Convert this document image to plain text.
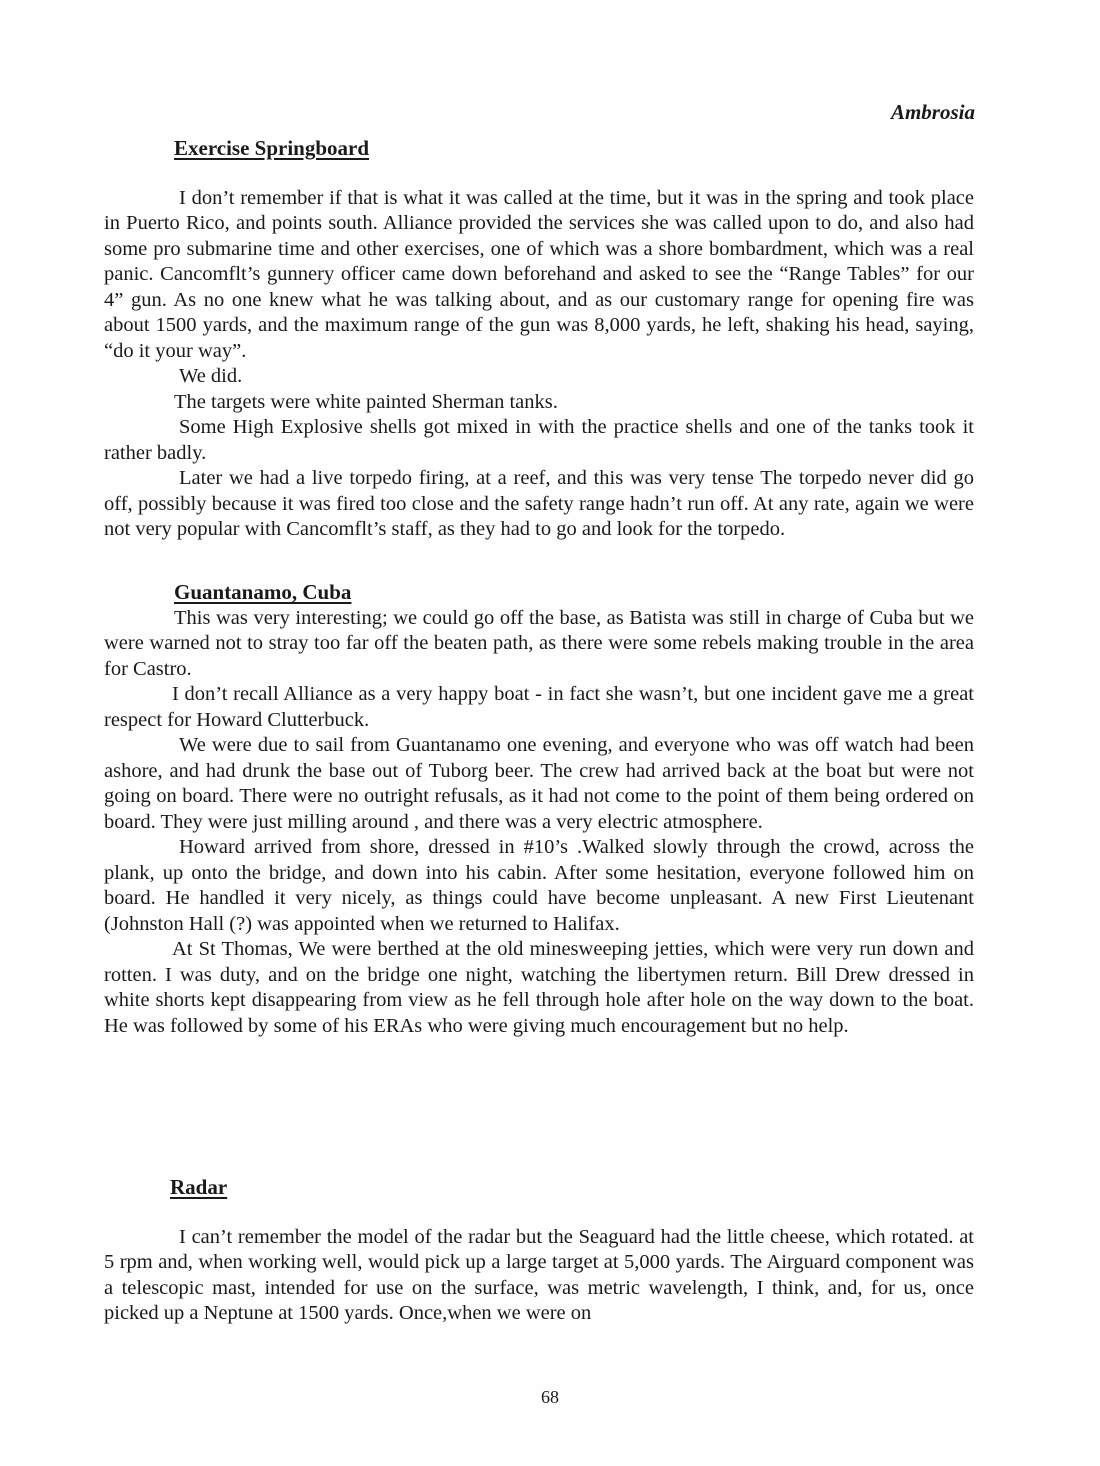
Ambrosia
Exercise Springboard

I don’t remember if that is what it was called at the time, but it was in the spring and took place in Puerto Rico, and points south. Alliance provided the services she was called upon to do, and also had some pro submarine time and other exercises, one of which was a shore bombardment, which was a real panic. Cancomflt’s gunnery officer came down beforehand and asked to see the “Range Tables” for our 4” gun. As no one knew what he was talking about, and as our customary range for opening fire was about 1500 yards, and the maximum range of the gun was 8,000 yards, he left, shaking his head, saying, “do it your way”.

We did.

The targets were white painted Sherman tanks.

Some High Explosive shells got mixed in with the practice shells and one of the tanks took it rather badly.

Later we had a live torpedo firing, at a reef, and this was very tense The torpedo never did go off, possibly because it was fired too close and the safety range hadn’t run off. At any rate, again we were not very popular with Cancomflt’s staff, as they had to go and look for the torpedo.

Guantanamo, Cuba

This was very interesting; we could go off the base, as Batista was still in charge of Cuba but we were warned not to stray too far off the beaten path, as there were some rebels making trouble in the area for Castro.

I don’t recall Alliance as a very happy boat - in fact she wasn’t, but one incident gave me a great respect for Howard Clutterbuck.

We were due to sail from Guantanamo one evening, and everyone who was off watch had been ashore, and had drunk the base out of Tuborg beer. The crew had arrived back at the boat but were not going on board. There were no outright refusals, as it had not come to the point of them being ordered on board. They were just milling around , and there was a very electric atmosphere.

Howard arrived from shore, dressed in #10’s .Walked slowly through the crowd, across the plank, up onto the bridge, and down into his cabin. After some hesitation, everyone followed him on board. He handled it very nicely, as things could have become unpleasant. A new First Lieutenant (Johnston Hall (?) was appointed when we returned to Halifax.

At St Thomas, We were berthed at the old minesweeping jetties, which were very run down and rotten. I was duty, and on the bridge one night, watching the libertymen return. Bill Drew dressed in white shorts kept disappearing from view as he fell through hole after hole on the way down to the boat. He was followed by some of his ERAs who were giving much encouragement but no help.

Radar

I can’t remember the model of the radar but the Seaguard had the little cheese, which rotated. at 5 rpm and, when working well, would pick up a large target at 5,000 yards. The Airguard component was a telescopic mast, intended for use on the surface, was metric wavelength, I think, and, for us, once picked up a Neptune at 1500 yards. Once,when we were on

68
